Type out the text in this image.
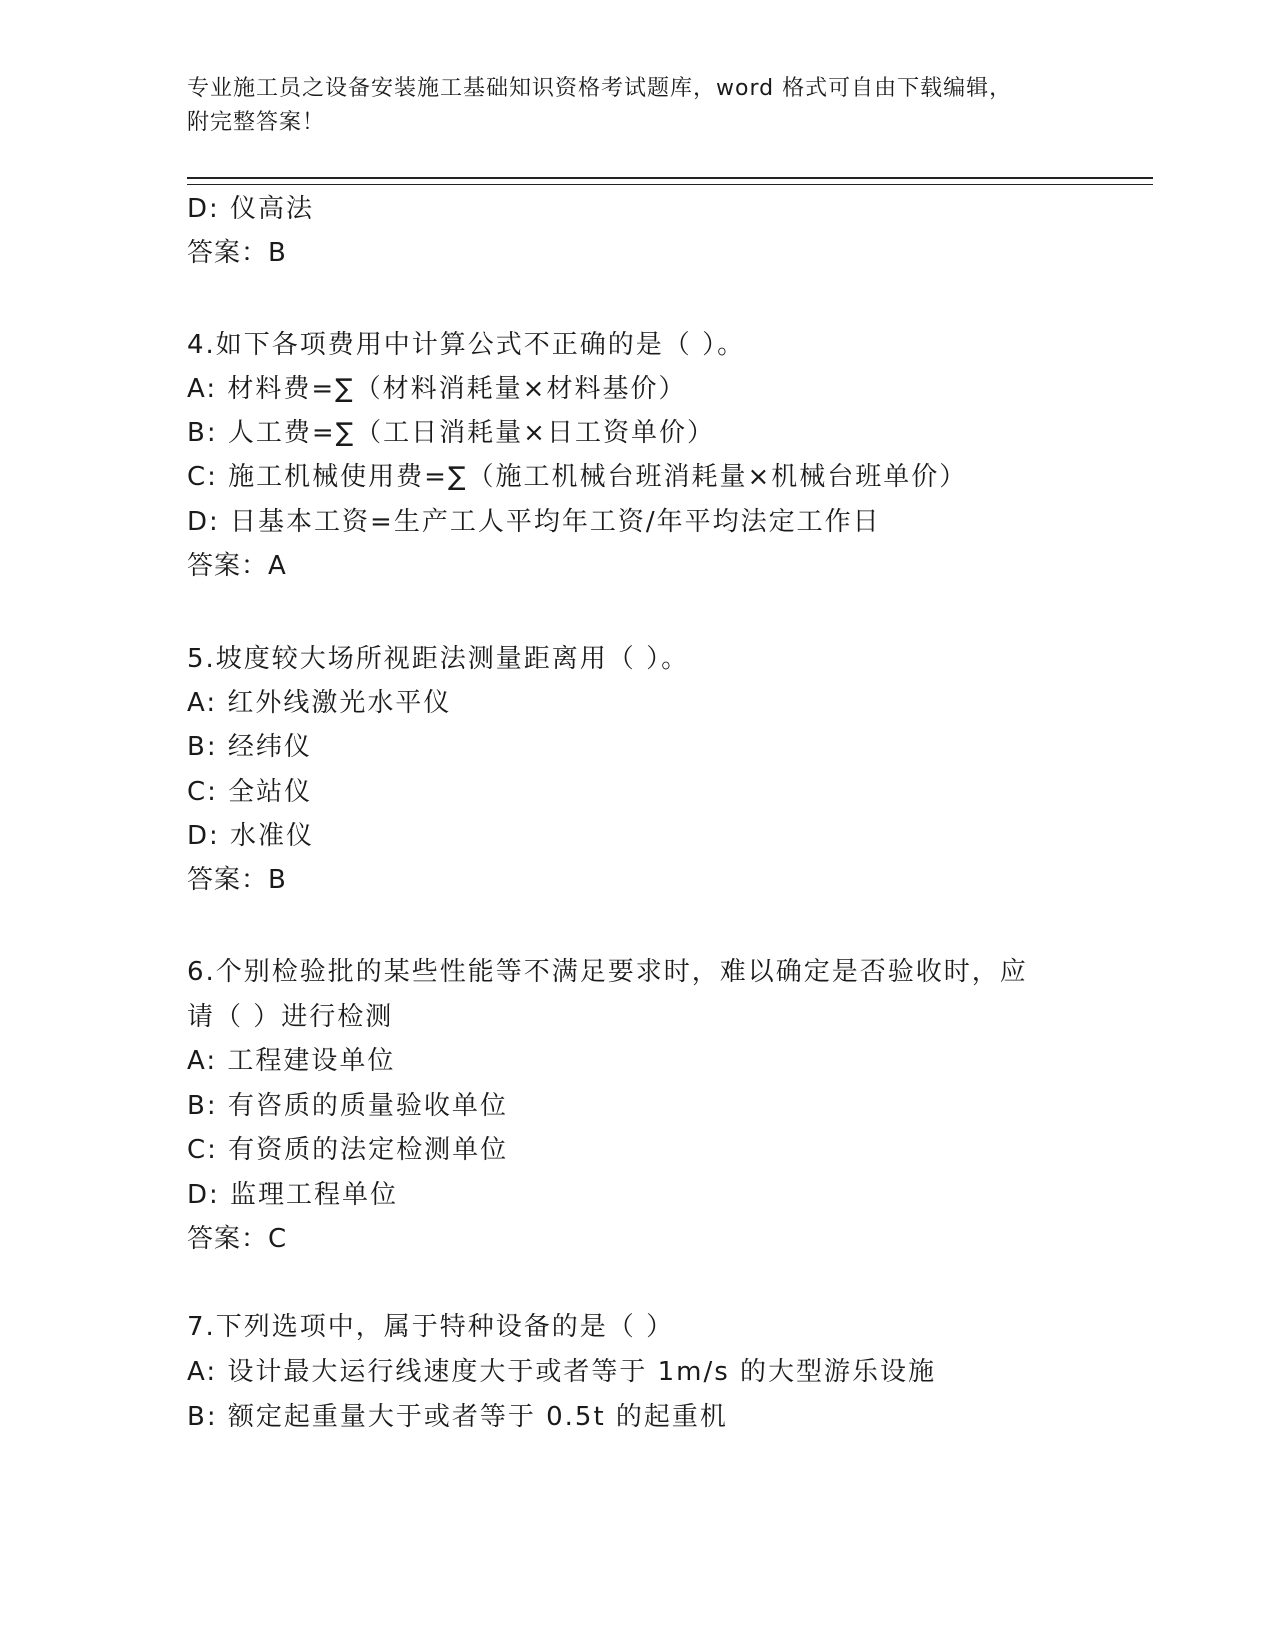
专业施工员之设备安装施工基础知识资格考试题库，word 格式可自由下载编辑，
附完整答案！
D: 仪高法
答案：B
4.如下各项费用中计算公式不正确的是（ ）。
A: 材料费=∑（材料消耗量×材料基价）
B: 人工费=∑（工日消耗量×日工资单价）
C: 施工机械使用费=∑（施工机械台班消耗量×机械台班单价）
D: 日基本工资=生产工人平均年工资/年平均法定工作日
答案：A
5.坡度较大场所视距法测量距离用（ ）。
A: 红外线激光水平仪
B: 经纬仪
C: 全站仪
D: 水准仪
答案：B
6.个别检验批的某些性能等不满足要求时，难以确定是否验收时，应
请（ ）进行检测
A: 工程建设单位
B: 有咨质的质量验收单位
C: 有资质的法定检测单位
D: 监理工程单位
答案：C
7.下列选项中，属于特种设备的是（ ）
A: 设计最大运行线速度大于或者等于 1m/s 的大型游乐设施
B: 额定起重量大于或者等于 0.5t 的起重机
